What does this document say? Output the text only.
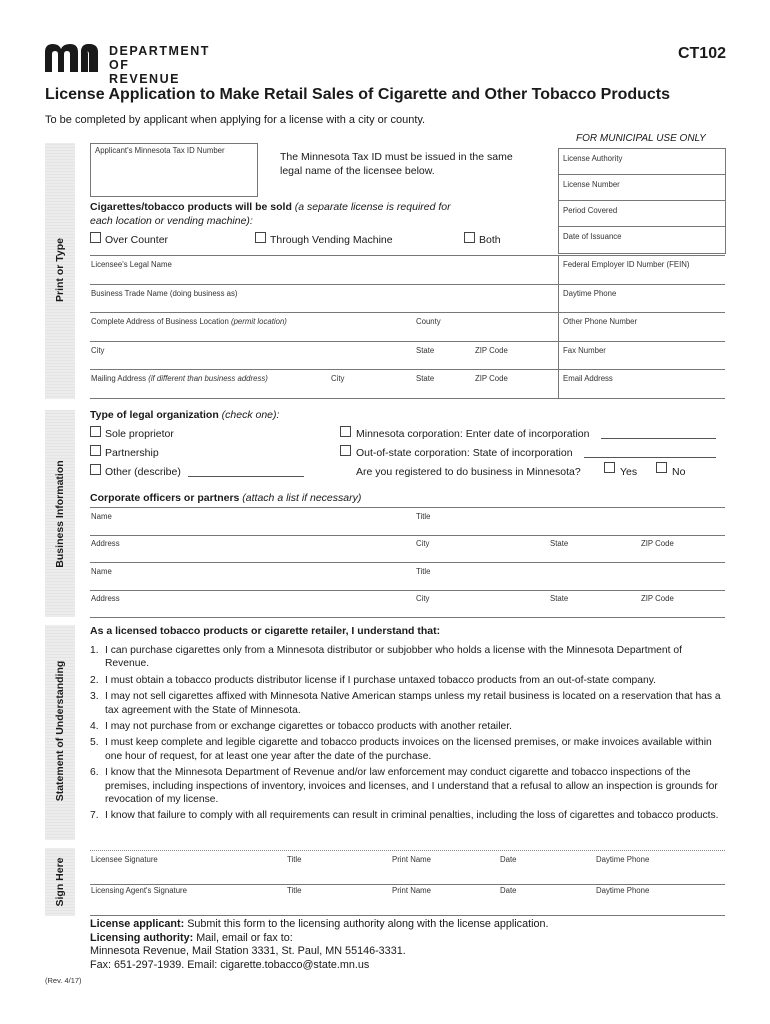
DEPARTMENT
OF REVENUE
CT102
License Application to Make Retail Sales of Cigarette and Other Tobacco Products
To be completed by applicant when applying for a license with a city or county.
Print or Type
Business Information
Statement of Understanding
Sign Here
Applicant's Minnesota Tax ID Number
The Minnesota Tax ID must be issued in the same legal name of the licensee below.
FOR MUNICIPAL USE ONLY
License Authority
License Number
Period Covered
Date of Issuance
Cigarettes/tobacco products will be sold (a separate license is required for each location or vending machine):
Over Counter	Through Vending Machine	Both
Licensee's Legal Name	Federal Employer ID Number (FEIN)
Business Trade Name (doing business as)	Daytime Phone
Complete Address of Business Location (permit location)	County	Other Phone Number
City	State	ZIP Code	Fax Number
Mailing Address (if different than business address)	City	State	ZIP Code	Email Address
Type of legal organization (check one):
Sole proprietor
Partnership
Other (describe)
Minnesota corporation: Enter date of incorporation
Out-of-state corporation: State of incorporation
Are you registered to do business in Minnesota?	Yes	No
Corporate officers or partners (attach a list if necessary)
Name	Title
Address	City	State	ZIP Code
Name	Title
Address	City	State	ZIP Code
As a licensed tobacco products or cigarette retailer, I understand that:
1. I can purchase cigarettes only from a Minnesota distributor or subjobber who holds a license with the Minnesota Department of Revenue.
2. I must obtain a tobacco products distributor license if I purchase untaxed tobacco products from an out-of-state company.
3. I may not sell cigarettes affixed with Minnesota Native American stamps unless my retail business is located on a reservation that has a tax agreement with the State of Minnesota.
4. I may not purchase from or exchange cigarettes or tobacco products with another retailer.
5. I must keep complete and legible cigarette and tobacco products invoices on the licensed premises, or make invoices available within one hour of request, for at least one year after the date of the purchase.
6. I know that the Minnesota Department of Revenue and/or law enforcement may conduct cigarette and tobacco inspections of the premises, including inspections of inventory, invoices and licenses, and I understand that a refusal to allow an inspection is grounds for revocation of my license.
7. I know that failure to comply with all requirements can result in criminal penalties, including the loss of cigarettes and tobacco products.
Licensee Signature	Title	Print Name	Date	Daytime Phone
Licensing Agent's Signature	Title	Print Name	Date	Daytime Phone
License applicant: Submit this form to the licensing authority along with the license application.
Licensing authority: Mail, email or fax to:
Minnesota Revenue, Mail Station 3331, St. Paul, MN 55146-3331.
Fax: 651-297-1939. Email: cigarette.tobacco@state.mn.us
(Rev. 4/17)
